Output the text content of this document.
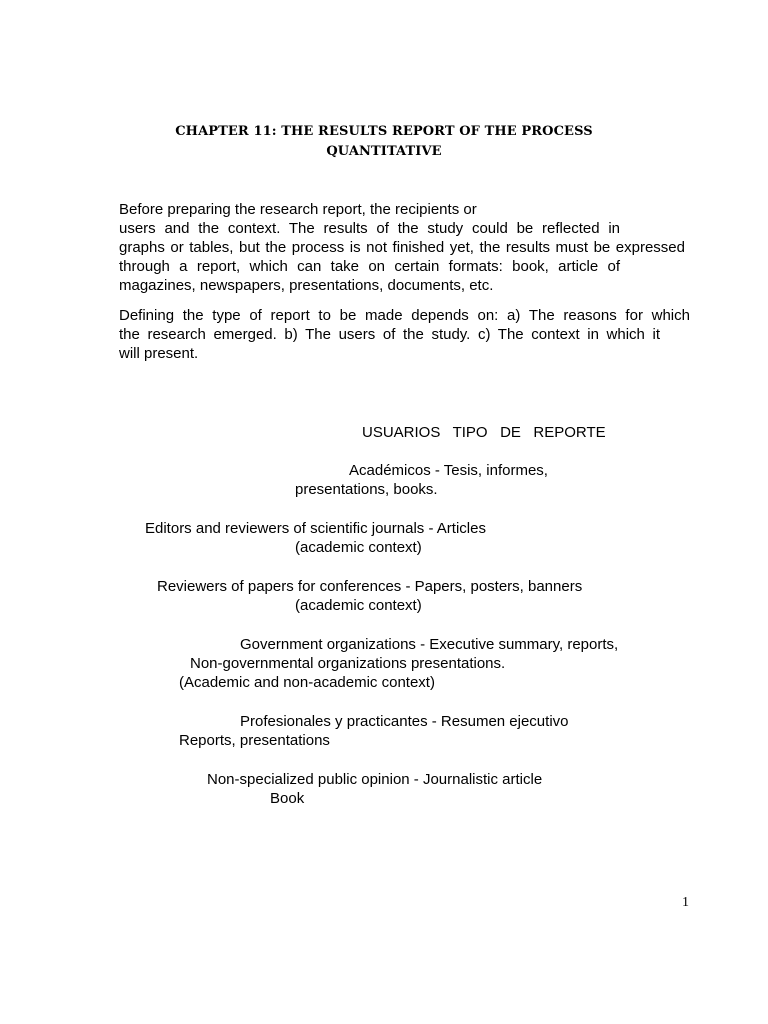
CHAPTER 11: THE RESULTS REPORT OF THE PROCESS
QUANTITATIVE
Before preparing the research report, the recipients or
users and the context. The results of the study could be reflected in
graphs or tables, but the process is not finished yet, the results must be expressed
through a report, which can take on certain formats: book, article of
magazines, newspapers, presentations, documents, etc.
Defining the type of report to be made depends on: a) The reasons for which
the research emerged. b) The users of the study. c) The context in which it
will present.
USUARIOS   TIPO   DE   REPORTE
Académicos - Tesis, informes,
presentations, books.
Editors and reviewers of scientific journals - Articles
(academic context)
Reviewers of papers for conferences - Papers, posters, banners
(academic context)
Government organizations - Executive summary, reports,
Non-governmental organizations presentations.
(Academic and non-academic context)
Profesionales y practicantes - Resumen ejecutivo
Reports, presentations
Non-specialized public opinion - Journalistic article
Book
1
